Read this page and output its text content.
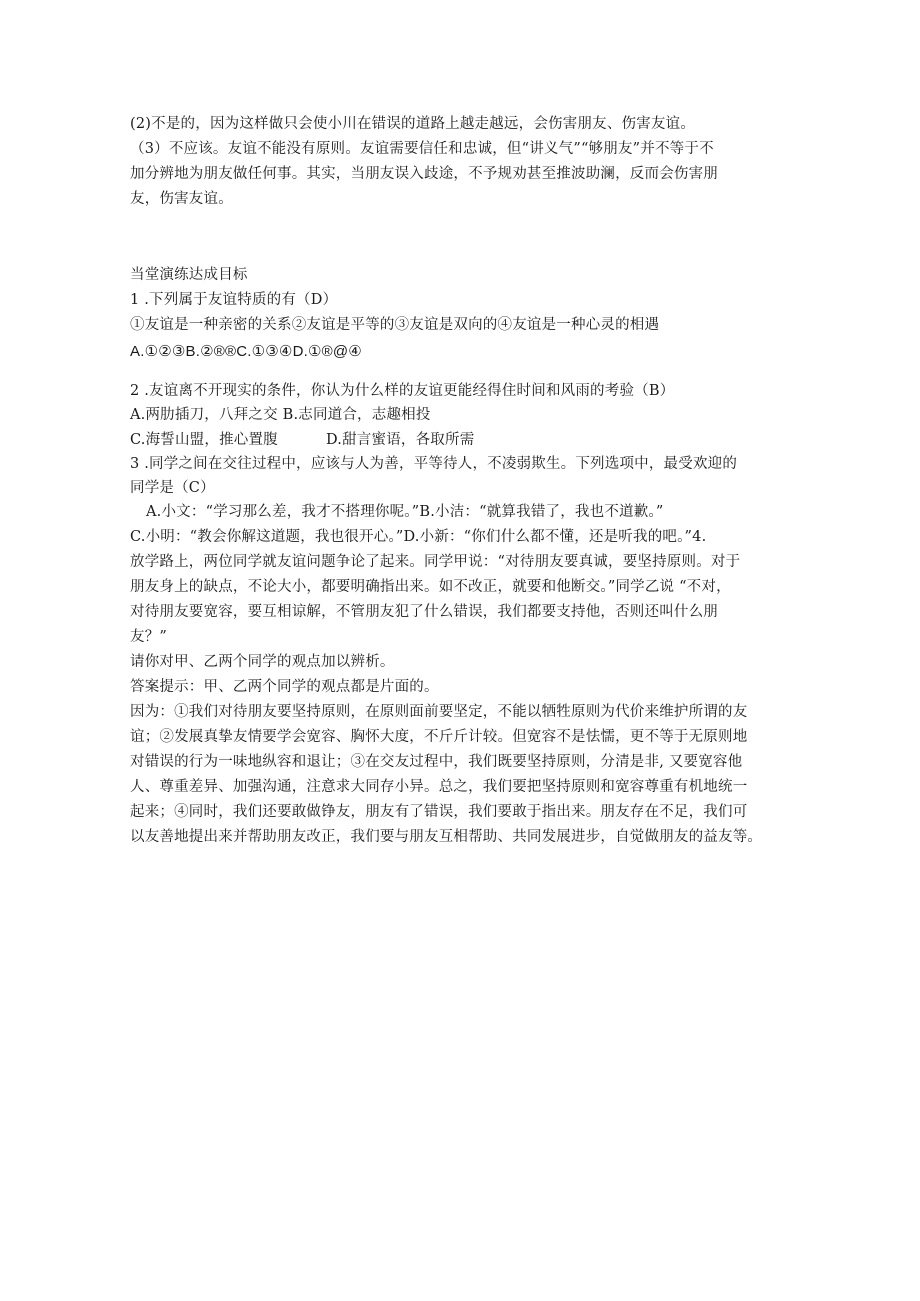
(2)不是的，因为这样做只会使小川在错误的道路上越走越远，会伤害朋友、伤害友谊。
（3）不应该。友谊不能没有原则。友谊需要信任和忠诚，但“讲义气”“够朋友”并不等于不
加分辨地为朋友做任何事。其实，当朋友误入歧途，不予规劝甚至推波助澜，反而会伤害朋
友，伤害友谊。
当堂演练达成目标
1 .下列属于友谊特质的有（D）
①友谊是一种亲密的关系②友谊是平等的③友谊是双向的④友谊是一种心灵的相遇
A.①②③B.②®®C.①③④D.①®@④
2 .友谊离不开现实的条件，你认为什么样的友谊更能经得住时间和风雨的考验（B）
A.两肋插刀，八拜之交 B.志同道合，志趣相投
C.海誓山盟，推心置腹          D.甜言蜜语，各取所需
3 .同学之间在交往过程中，应该与人为善，平等待人，不凌弱欺生。下列选项中，最受欢迎的
同学是（C）
A.小文：“学习那么差，我才不搭理你呢。”B.小洁：“就算我错了，我也不道歉。”
C.小明：“教会你解这道题，我也很开心。”D.小新：“你们什么都不懂，还是听我的吧。”4.
放学路上，两位同学就友谊问题争论了起来。同学甲说：“对待朋友要真诚，要坚持原则。对于
朋友身上的缺点，不论大小，都要明确指出来。如不改正，就要和他断交。”同学乙说 “不对，
对待朋友要宽容，要互相谅解，不管朋友犯了什么错误，我们都要支持他，否则还叫什么朋
友？”
请你对甲、乙两个同学的观点加以辨析。
答案提示：甲、乙两个同学的观点都是片面的。
因为：①我们对待朋友要坚持原则，在原则面前要坚定，不能以牺牲原则为代价来维护所谓的友
谊；②发展真挚友情要学会宽容、胸怀大度，不斤斤计较。但宽容不是怯懦，更不等于无原则地
对错误的行为一味地纵容和退让；③在交友过程中，我们既要坚持原则，分清是非, 又要宽容他
人、尊重差异、加强沟通，注意求大同存小异。总之，我们要把坚持原则和宽容尊重有机地统一
起来；④同时，我们还要敢做铮友，朋友有了错误，我们要敢于指出来。朋友存在不足，我们可
以友善地提出来并帮助朋友改正，我们要与朋友互相帮助、共同发展进步，自觉做朋友的益友等。
